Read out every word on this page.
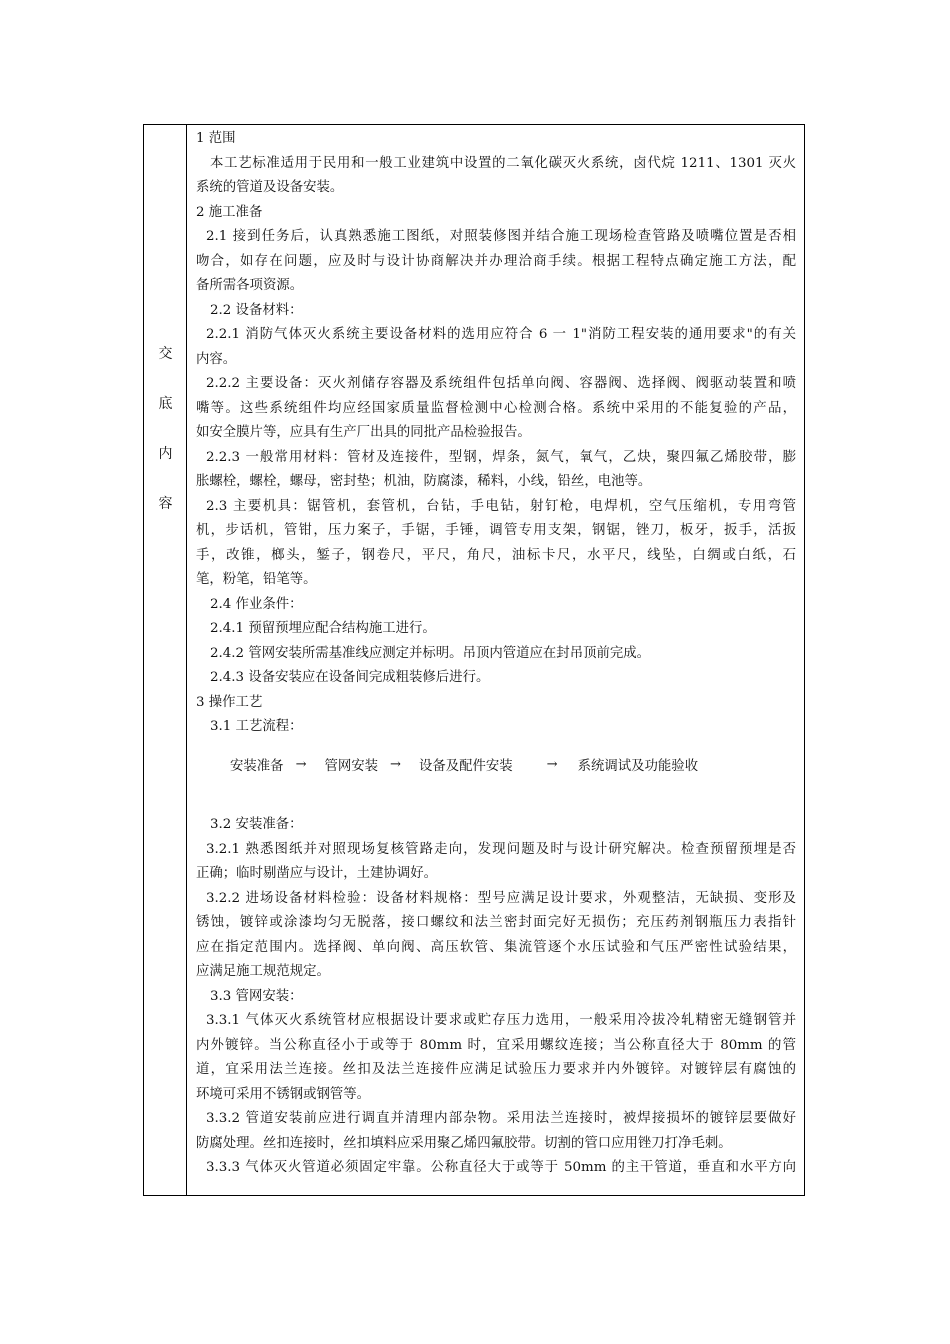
交
底
内
容
1 范围
本工艺标准适用于民用和一般工业建筑中设置的二氧化碳灭火系统，卤代烷 1211、1301 灭火
系统的管道及设备安装。
2 施工准备
2.1 接到任务后，认真熟悉施工图纸，对照装修图并结合施工现场检查管路及喷嘴位置是否相
吻合，如存在问题，应及时与设计协商解决并办理洽商手续。根据工程特点确定施工方法，配
备所需各项资源。
2.2 设备材料：
2.2.1 消防气体灭火系统主要设备材料的选用应符合 6 一 1"消防工程安装的通用要求"的有关
内容。
2.2.2 主要设备：灭火剂储存容器及系统组件包括单向阀、容器阀、选择阀、阀驱动装置和喷
嘴等。这些系统组件均应经国家质量监督检测中心检测合格。系统中采用的不能复验的产品，
如安全膜片等，应具有生产厂出具的同批产品检验报告。
2.2.3 一般常用材料：管材及连接件，型钢，焊条，氮气，氧气，乙炔，聚四氟乙烯胶带，膨
胀螺栓，螺栓，螺母，密封垫；机油，防腐漆，稀料，小线，铅丝，电池等。
2.3 主要机具：锯管机，套管机，台钻，手电钻，射钉枪，电焊机，空气压缩机，专用弯管
机，步话机，管钳，压力案子，手锯，手锤，调管专用支架，钢锯，锉刀，板牙，扳手，活扳
手，改锥，榔头，錾子，钢卷尺，平尺，角尺，油标卡尺，水平尺，线坠，白绸或白纸，石
笔，粉笔，铅笔等。
2.4 作业条件：
2.4.1 预留预埋应配合结构施工进行。
2.4.2 管网安装所需基准线应测定并标明。吊顶内管道应在封吊顶前完成。
2.4.3 设备安装应在设备间完成粗装修后进行。
3 操作工艺
3.1 工艺流程：
安装准备 → 管网安装 → 设备及配件安装	→ 系统调试及功能验收
3.2 安装准备：
3.2.1 熟悉图纸并对照现场复核管路走向，发现问题及时与设计研究解决。检查预留预埋是否
正确；临时剔凿应与设计，土建协调好。
3.2.2 进场设备材料检验：设备材料规格：型号应满足设计要求，外观整洁，无缺损、变形及
锈蚀，镀锌或涂漆均匀无脱落，接口螺纹和法兰密封面完好无损伤；充压药剂钢瓶压力表指针
应在指定范围内。选择阀、单向阀、高压软管、集流管逐个水压试验和气压严密性试验结果，
应满足施工规范规定。
3.3 管网安装：
3.3.1 气体灭火系统管材应根据设计要求或贮存压力选用，一般采用冷拔冷轧精密无缝钢管并
内外镀锌。当公称直径小于或等于 80mm 时，宜采用螺纹连接；当公称直径大于 80mm 的管
道，宜采用法兰连接。丝扣及法兰连接件应满足试验压力要求并内外镀锌。对镀锌层有腐蚀的
环境可采用不锈钢或钢管等。
3.3.2 管道安装前应进行调直并清理内部杂物。采用法兰连接时，被焊接损坏的镀锌层要做好
防腐处理。丝扣连接时，丝扣填料应采用聚乙烯四氟胶带。切割的管口应用锉刀打净毛刺。
3.3.3 气体灭火管道必须固定牢靠。公称直径大于或等于 50mm 的主干管道，垂直和水平方向
